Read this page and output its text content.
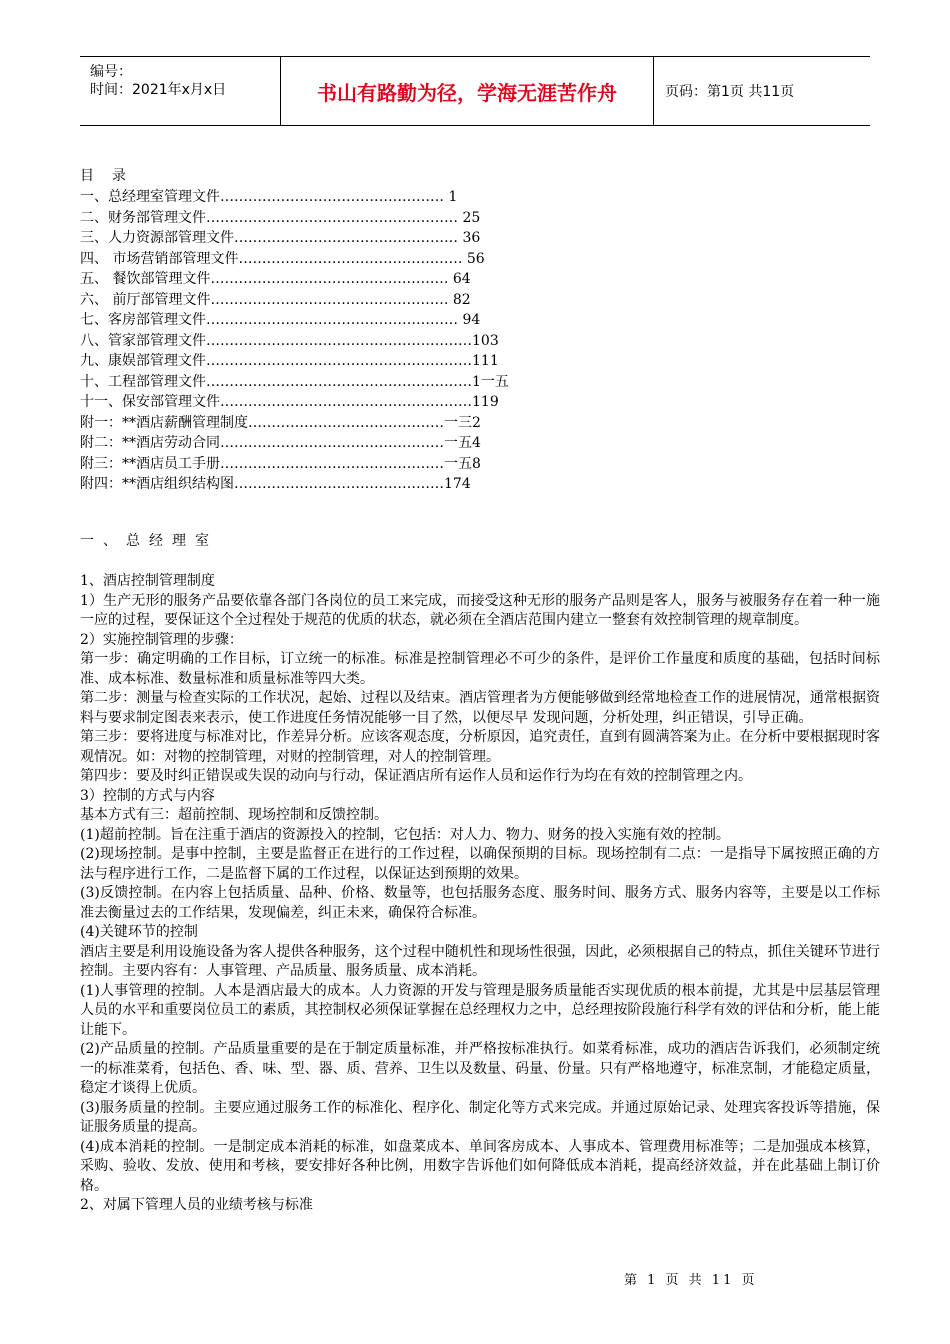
编号：
时间：2021年x月x日	书山有路勤为径，学海无涯苦作舟	页码：第1页 共11页
目录
一、总经理室管理文件………………………………………… 1
二、财务部管理文件……………………………………………… 25
三、人力资源部管理文件………………………………………… 36
四、 市场营销部管理文件………………………………………… 56
五、 餐饮部管理文件…………………………………………… 64
六、 前厅部管理文件…………………………………………… 82
七、客房部管理文件……………………………………………… 94
八、管家部管理文件…………………………………………………103
九、康娱部管理文件…………………………………………………111
十、工程部管理文件…………………………………………………1一五
十一、保安部管理文件………………………………………………119
附一：**酒店薪酬管理制度……………………………………一三2
附二：**酒店劳动合同…………………………………………一五4
附三：**酒店员工手册…………………………………………一五8
附四：**酒店组织结构图………………………………………174
一、总经理室

1、酒店控制管理制度

1）生产无形的服务产品要依靠各部门各岗位的员工来完成，而接受这种无形的服务产品则是客人，服务与被服务存在着一种一施一应的过程，要保证这个全过程处于规范的优质的状态，就必须在全酒店范围内建立一整套有效控制管理的规章制度。

2）实施控制管理的步骤：

第一步：确定明确的工作目标，订立统一的标准。标准是控制管理必不可少的条件，是评价工作量度和质度的基础，包括时间标准、成本标准、数量标准和质量标准等四大类。

第二步：测量与检查实际的工作状况，起始、过程以及结束。酒店管理者为方便能够做到经常地检查工作的进展情况，通常根据资料与要求制定图表来表示，使工作进度任务情况能够一目了然，以便尽早 发现问题，分析处理，纠正错误，引导正确。

第三步：要将进度与标准对比，作差异分析。应该客观态度，分析原因，追究责任，直到有圆满答案为止。在分析中要根据现时客观情况。如：对物的控制管理，对财的控制管理，对人的控制管理。

第四步：要及时纠正错误或失误的动向与行动，保证酒店所有运作人员和运作行为均在有效的控制管理之内。

3）控制的方式与内容

基本方式有三：超前控制、现场控制和反馈控制。

(1)超前控制。旨在注重于酒店的资源投入的控制，它包括：对人力、物力、财务的投入实施有效的控制。

(2)现场控制。是事中控制，主要是监督正在进行的工作过程，以确保预期的目标。现场控制有二点：一是指导下属按照正确的方法与程序进行工作，二是监督下属的工作过程，以保证达到预期的效果。

(3)反馈控制。在内容上包括质量、品种、价格、数量等，也包括服务态度、服务时间、服务方式、服务内容等，主要是以工作标准去衡量过去的工作结果，发现偏差，纠正未来，确保符合标准。

(4)关键环节的控制

酒店主要是利用设施设备为客人提供各种服务，这个过程中随机性和现场性很强，因此，必须根据自己的特点，抓住关键环节进行控制。主要内容有：人事管理、产品质量、服务质量、成本消耗。

(1)人事管理的控制。人本是酒店最大的成本。人力资源的开发与管理是服务质量能否实现优质的根本前提，尤其是中层基层管理人员的水平和重要岗位员工的素质，其控制权必须保证掌握在总经理权力之中，总经理按阶段施行科学有效的评估和分析，能上能让能下。

(2)产品质量的控制。产品质量重要的是在于制定质量标准，并严格按标准执行。如菜肴标准，成功的酒店告诉我们，必须制定统一的标准菜肴，包括色、香、味、型、器、质、营养、卫生以及数量、码量、份量。只有严格地遵守，标准烹制，才能稳定质量，稳定才谈得上优质。

(3)服务质量的控制。主要应通过服务工作的标准化、程序化、制定化等方式来完成。并通过原始记录、处理宾客投诉等措施，保证服务质量的提高。

(4)成本消耗的控制。一是制定成本消耗的标准，如盘菜成本、单间客房成本、人事成本、管理费用标准等；二是加强成本核算，采购、验收、发放、使用和考核，要安排好各种比例，用数字告诉他们如何降低成本消耗，提高经济效益，并在此基础上制订价格。

2、对属下管理人员的业绩考核与标准

第 1 页 共 11 页
